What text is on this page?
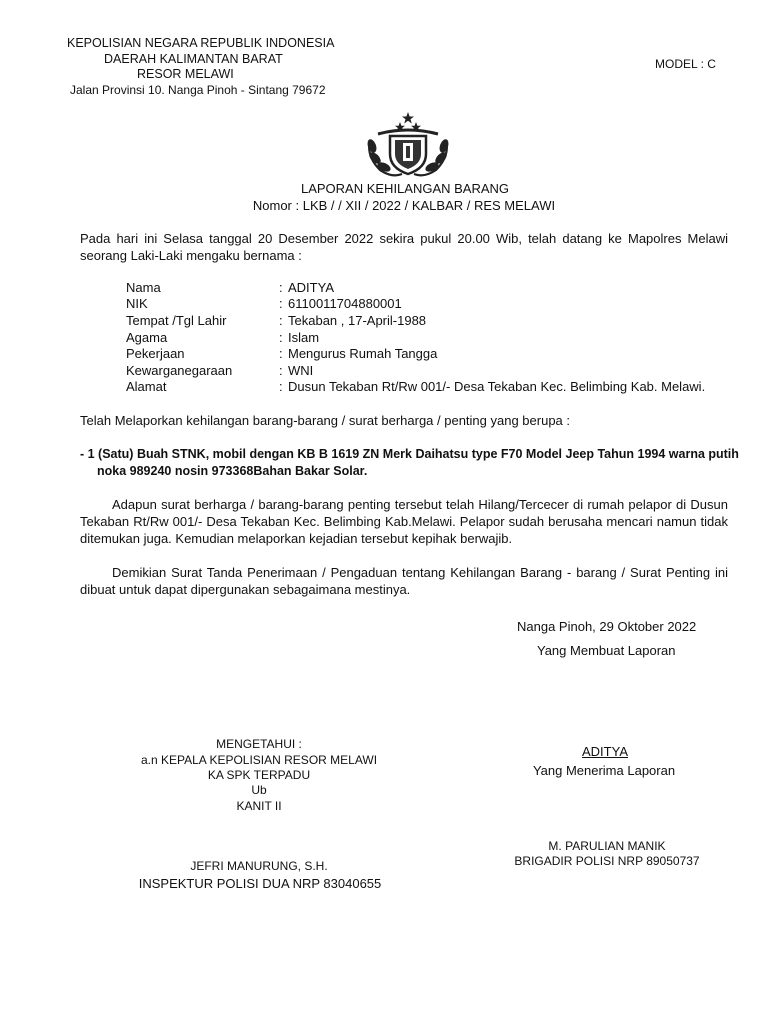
KEPOLISIAN NEGARA REPUBLIK INDONESIA
DAERAH KALIMANTAN BARAT
RESOR MELAWI
Jalan Provinsi 10. Nanga Pinoh - Sintang 79672
MODEL : C
LAPORAN KEHILANGAN BARANG
Nomor : LKB / / XII / 2022 / KALBAR / RES MELAWI
Pada hari ini Selasa tanggal 20 Desember 2022 sekira pukul 20.00 Wib, telah datang ke Mapolres Melawi seorang Laki-Laki mengaku bernama :
Nama	: ADITYA
NIK	: 6110011704880001
Tempat /Tgl Lahir	: Tekaban , 17-April-1988
Agama	: Islam
Pekerjaan	: Mengurus Rumah Tangga
Kewarganegaraan	: WNI
Alamat	: Dusun Tekaban Rt/Rw 001/- Desa Tekaban Kec. Belimbing Kab. Melawi.
Telah Melaporkan kehilangan barang-barang / surat berharga / penting yang berupa :
- 1 (Satu) Buah STNK, mobil dengan KB B 1619 ZN Merk Daihatsu type F70 Model Jeep Tahun 1994 warna putih noka 989240 nosin 973368Bahan Bakar Solar.
Adapun surat berharga / barang-barang penting tersebut telah Hilang/Tercecer di rumah pelapor di Dusun Tekaban Rt/Rw 001/- Desa Tekaban Kec. Belimbing Kab.Melawi. Pelapor sudah berusaha mencari namun tidak ditemukan juga. Kemudian melaporkan kejadian tersebut kepihak berwajib.
Demikian Surat Tanda Penerimaan / Pengaduan tentang Kehilangan Barang - barang / Surat Penting ini dibuat untuk dapat dipergunakan sebagaimana mestinya.
Nanga Pinoh, 29 Oktober 2022
Yang Membuat Laporan
ADITYA
Yang Menerima Laporan
MENGETAHUI :
a.n KEPALA KEPOLISIAN RESOR MELAWI
KA SPK TERPADU
Ub
KANIT II
JEFRI MANURUNG, S.H.
INSPEKTUR POLISI DUA NRP 83040655
M. PARULIAN MANIK
BRIGADIR POLISI NRP 89050737
